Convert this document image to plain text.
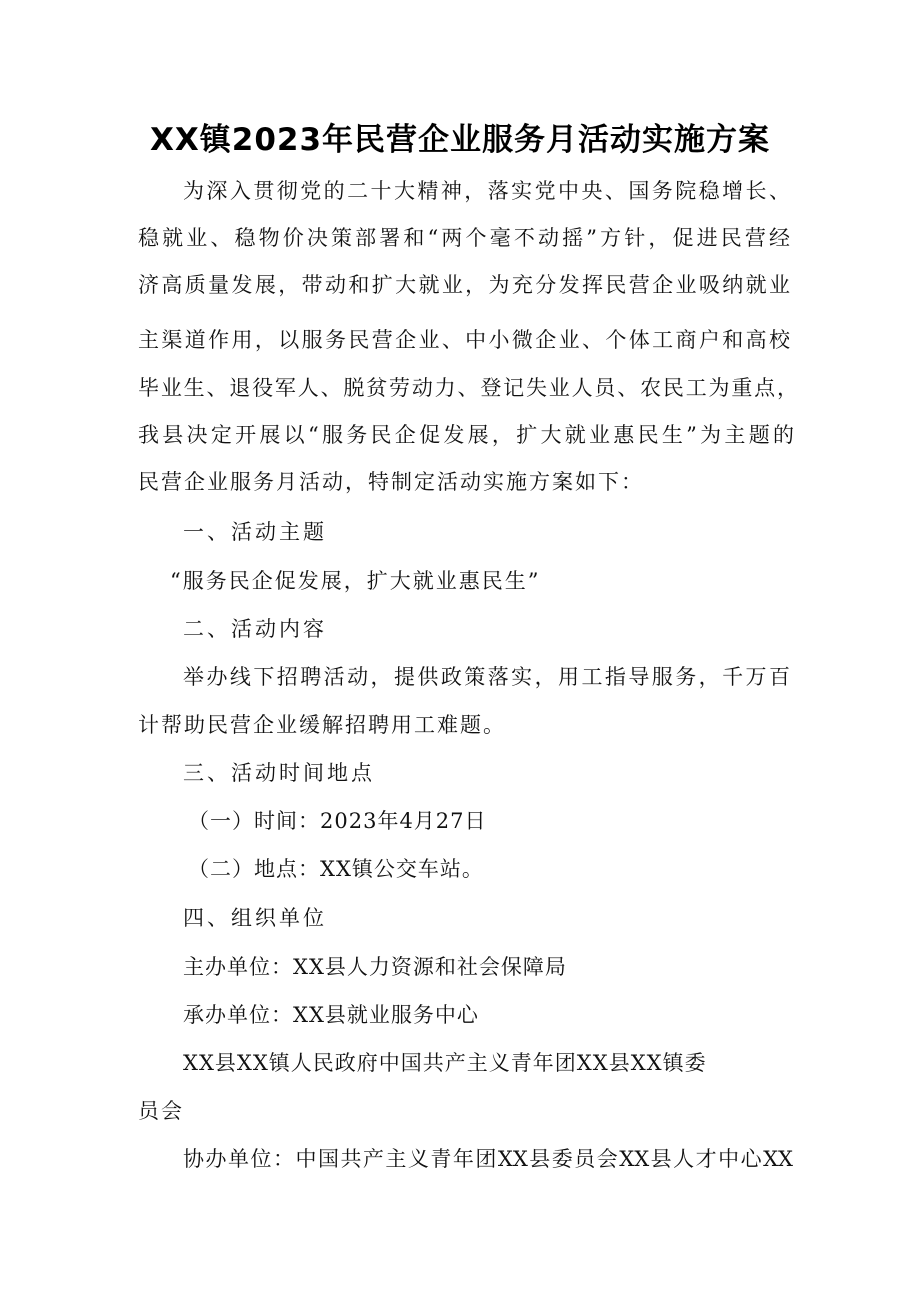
XX镇2023年民营企业服务月活动实施方案
为深入贯彻党的二十大精神，落实党中央、国务院稳增长、
稳就业、稳物价决策部署和“两个毫不动摇”方针，促进民营经
济高质量发展，带动和扩大就业，为充分发挥民营企业吸纳就业
主渠道作用，以服务民营企业、中小微企业、个体工商户和高校
毕业生、退役军人、脱贫劳动力、登记失业人员、农民工为重点，
我县决定开展以“服务民企促发展，扩大就业惠民生”为主题的
民营企业服务月活动，特制定活动实施方案如下：
一、活动主题
“服务民企促发展，扩大就业惠民生”
二、活动内容
举办线下招聘活动，提供政策落实，用工指导服务，千万百
计帮助民营企业缓解招聘用工难题。
三、活动时间地点
（一）时间：2023年4月27日
（二）地点：XX镇公交车站。
四、组织单位
主办单位：XX县人力资源和社会保障局
承办单位：XX县就业服务中心
XX县XX镇人民政府中国共产主义青年团XX县XX镇委
员会
协办单位：中国共产主义青年团XX县委员会XX县人才中心XX
